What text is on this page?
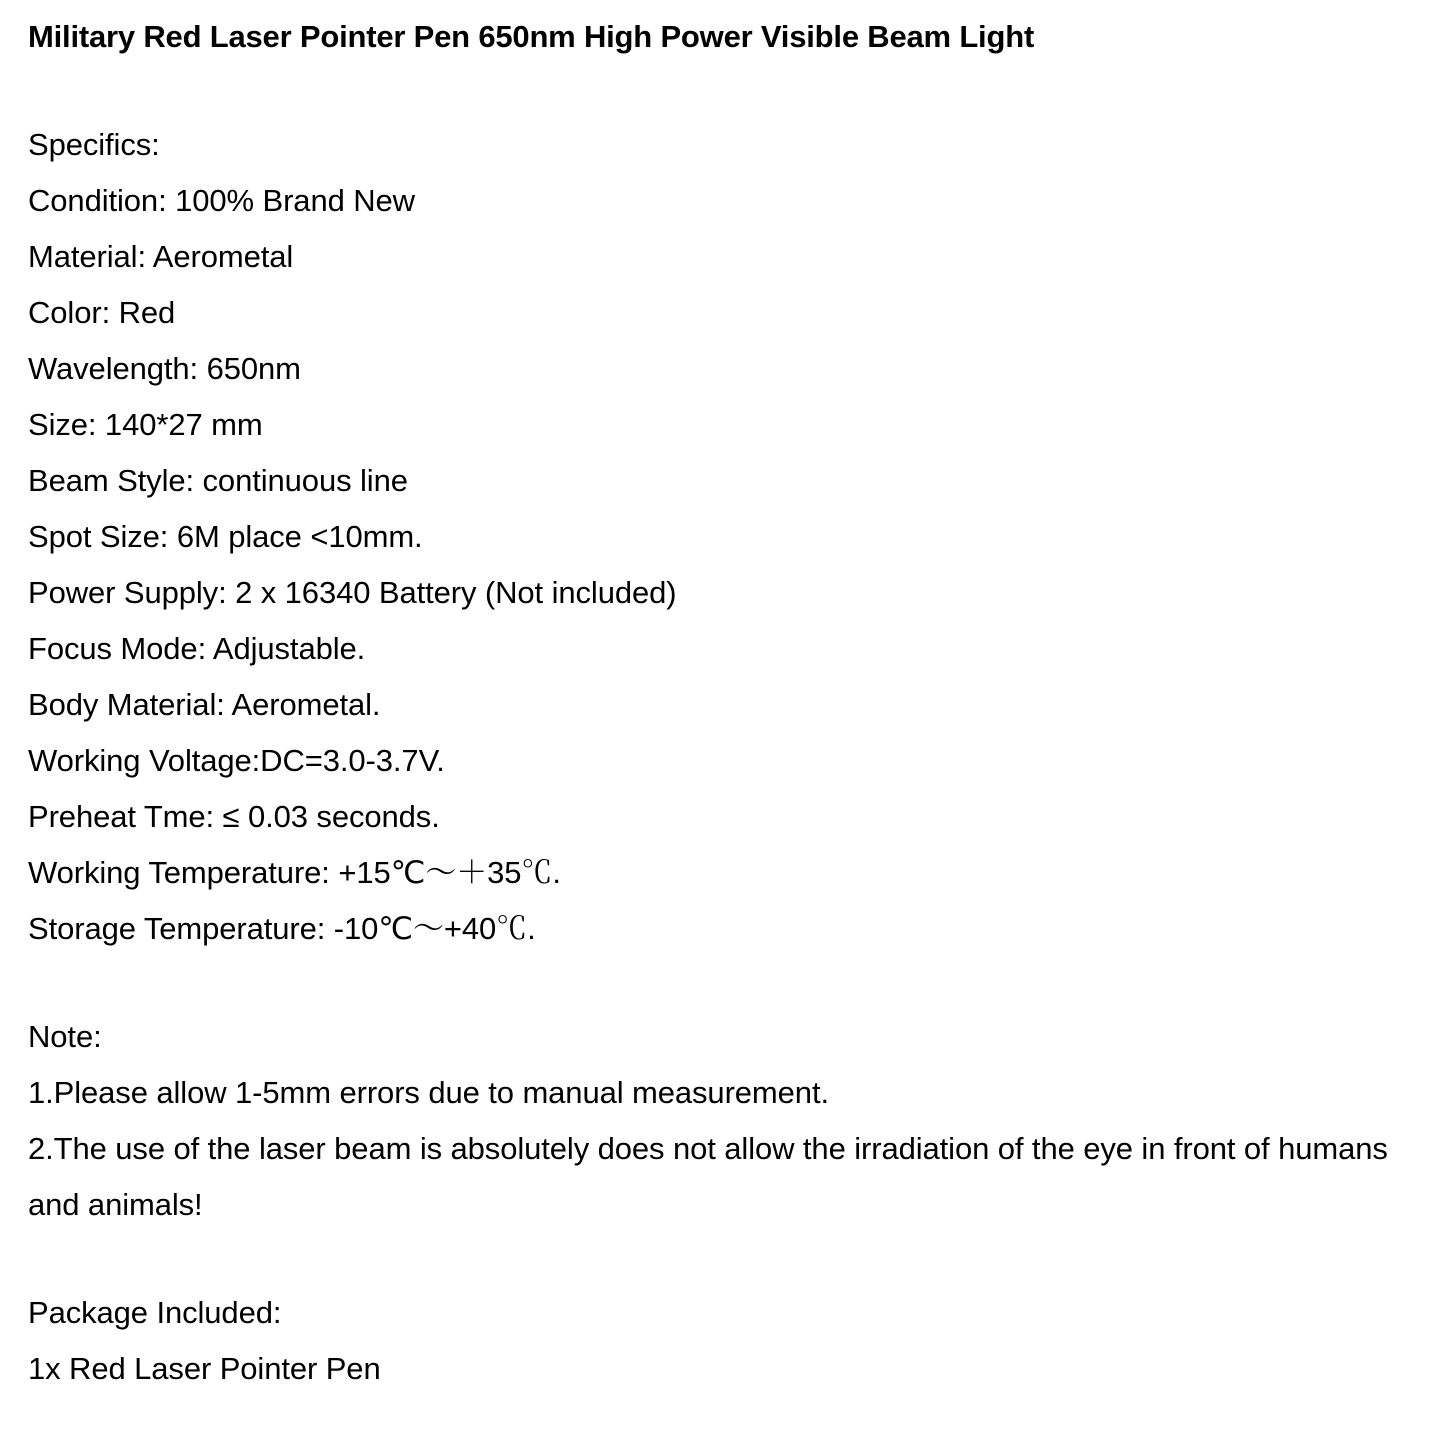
Military Red Laser Pointer Pen 650nm High Power Visible Beam Light
Specifics:
Condition: 100% Brand New
Material: Aerometal
Color: Red
Wavelength: 650nm
Size: 140*27 mm
Beam Style: continuous line
Spot Size: 6M place <10mm.
Power Supply: 2 x 16340 Battery (Not included)
Focus Mode: Adjustable.
Body Material: Aerometal.
Working Voltage:DC=3.0-3.7V.
Preheat Tme: ≤ 0.03 seconds.
Working Temperature: +15℃〜＋35℃.
Storage Temperature: -10℃〜+40℃.
Note:
1.Please allow 1-5mm errors due to manual measurement.
2.The use of the laser beam is absolutely does not allow the irradiation of the eye in front of humans and animals!
Package Included:
1x Red Laser Pointer Pen
